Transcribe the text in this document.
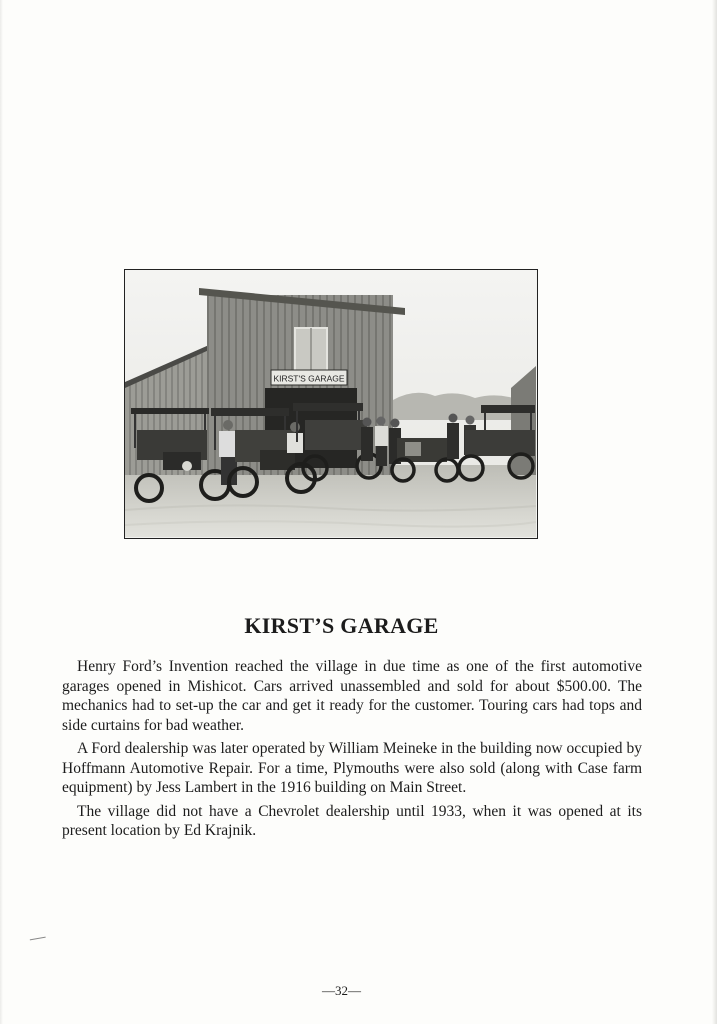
KIRST'S GARAGE
KIRST’S GARAGE

Henry Ford’s Invention reached the village in due time as one of the first automotive garages opened in Mishicot. Cars arrived unassembled and sold for about $500.00. The mechanics had to set-up the car and get it ready for the customer. Touring cars had tops and side curtains for bad weather.

A Ford dealership was later operated by William Meineke in the building now occupied by Hoffmann Automotive Repair. For a time, Plymouths were also sold (along with Case farm equipment) by Jess Lambert in the 1916 building on Main Street.

The village did not have a Chevrolet dealership until 1933, when it was opened at its present location by Ed Krajnik.

—32—
